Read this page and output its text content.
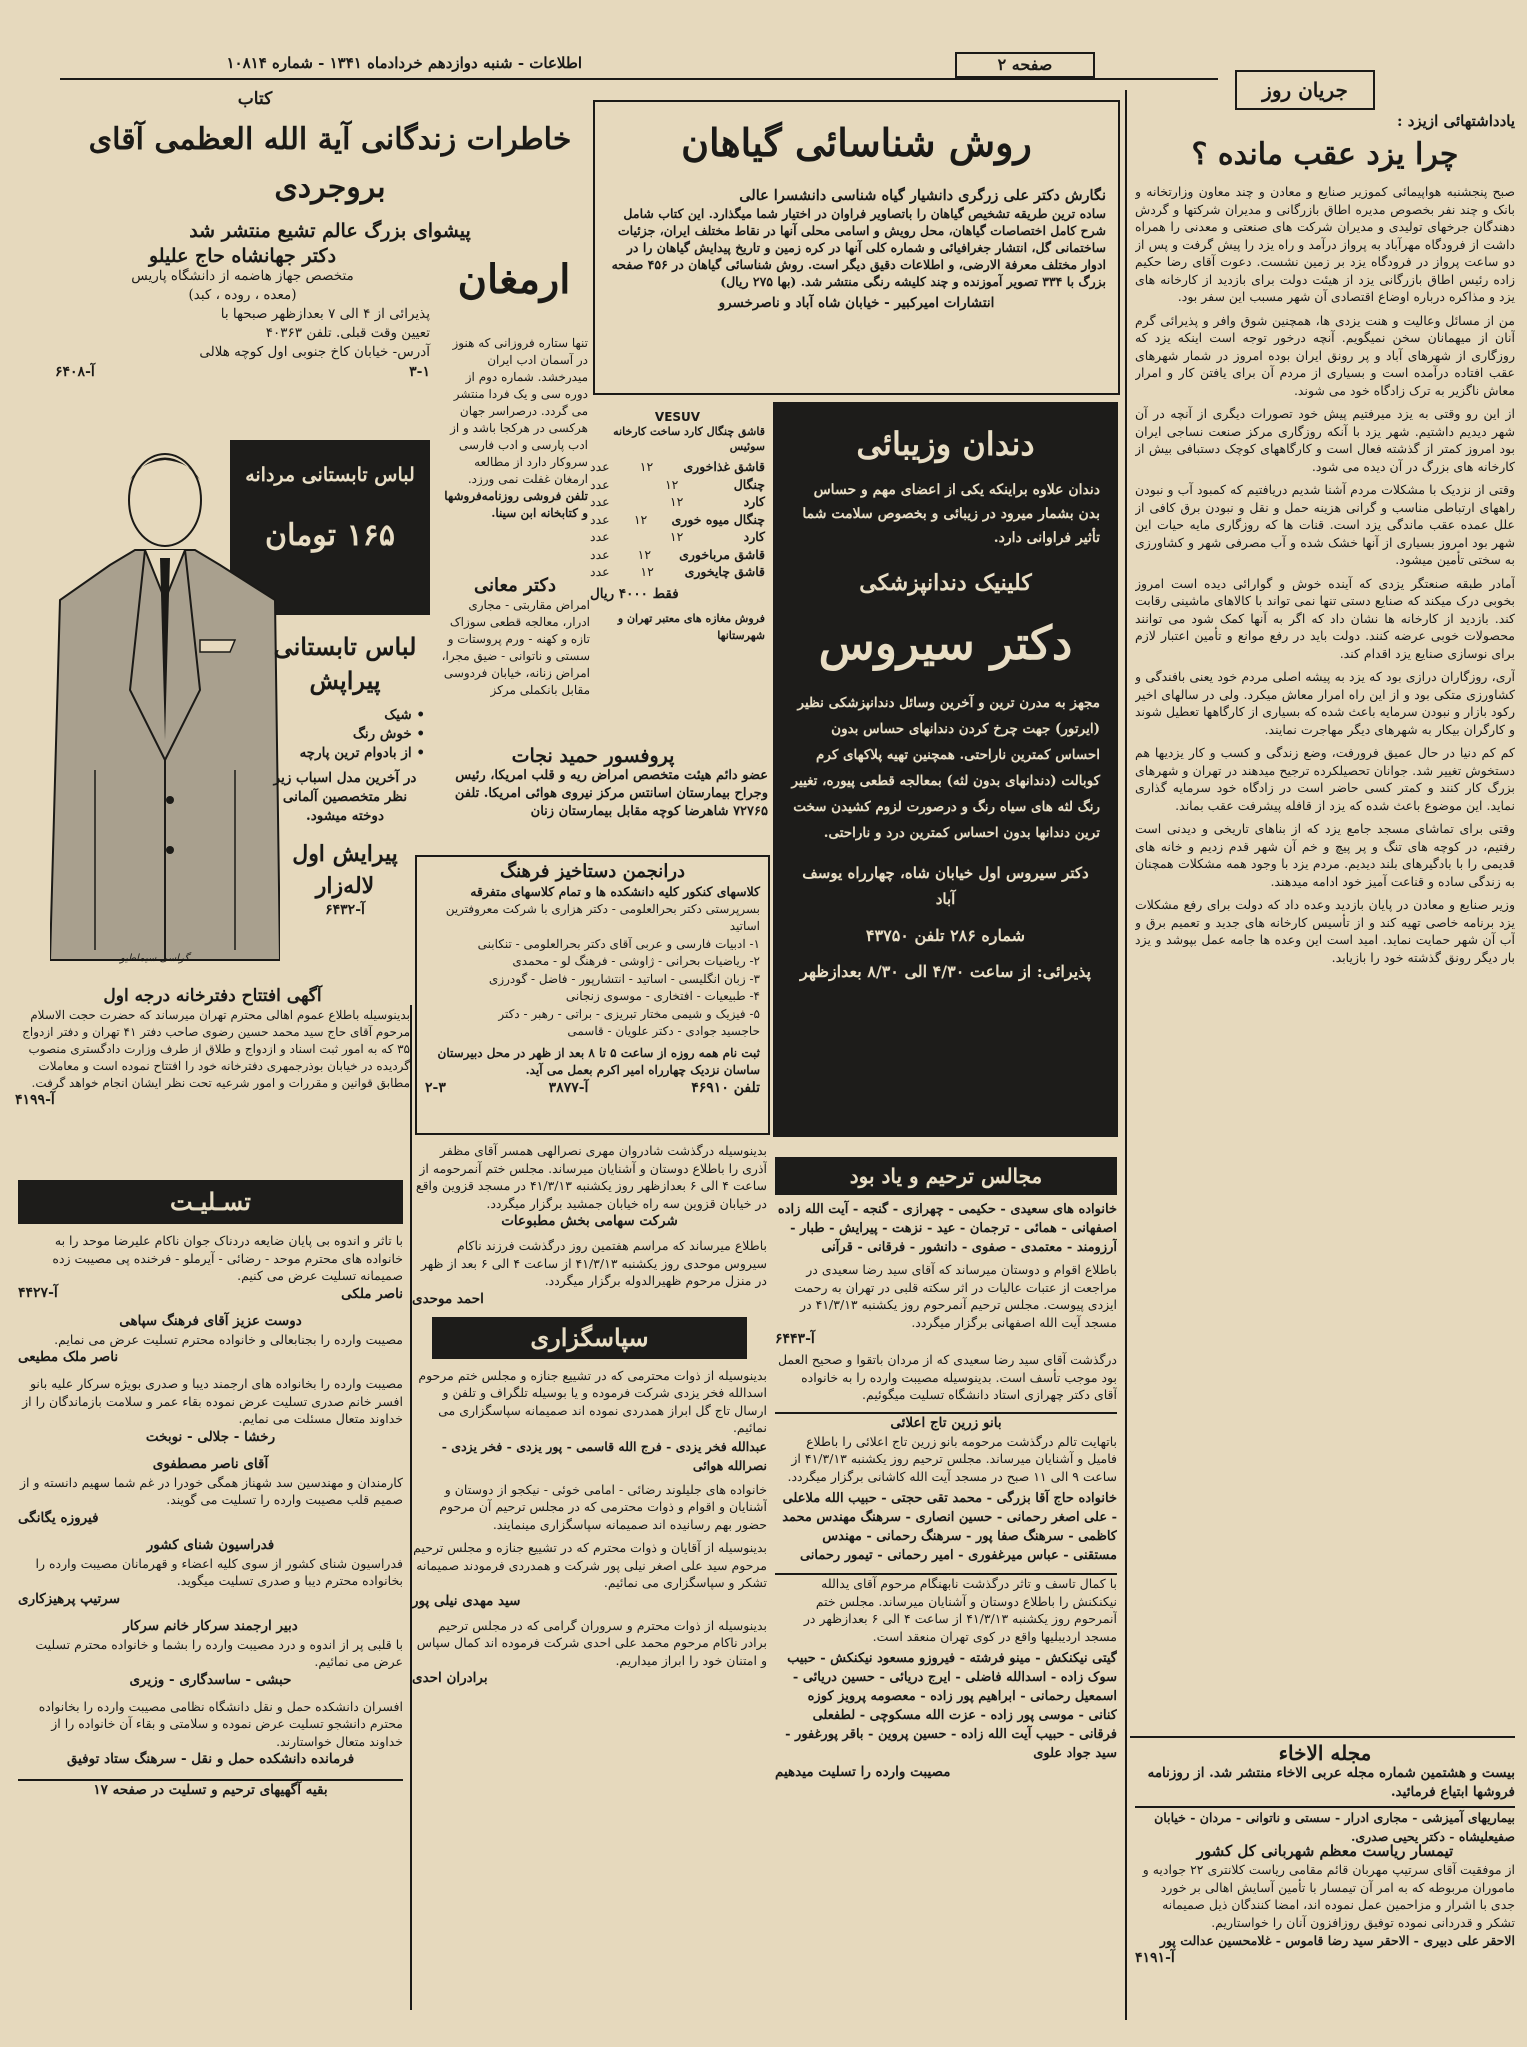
اطلاعات - شنبه دوازدهم خردادماه ۱۳۴۱ - شماره ۱۰۸۱۴	صفحه ۲
جریان روز
کتاب
خاطرات زندگانی آیة الله العظمی آقای بروجردی
پیشوای بزرگ عالم تشیع منتشر شد
دکتر جهانشاه حاج علیلو
متخصص جهاز هاضمه از دانشگاه پاریس
(معده ، روده ، کبد)
پذیرائی از ۴ الی ۷ بعدازظهر صبحها با
تعیین وقت قبلی. تلفن ۴۰۳۶۳
آدرس- خیابان کاخ جنوبی اول کوچه هلالی
آ-۶۴۰۸	۳-۱
ارمغان
تنها ستاره فروزانی که هنوز در آسمان ادب ایران میدرخشد. شماره دوم از دوره سی و یک فردا منتشر می گردد. درصراسر جهان هرکسی در هرکجا باشد و از ادب پارسی و ادب فارسی سروکار دارد از مطالعه ارمغان غفلت نمی ورزد.
تلفن فروشی روزنامه‌فروشها و کتابخانه ابن سینا.
لباس تابستانی مردانه
۱۶۵ تومان
لباس تابستانی پیراپش
• شیک
• خوش رنگ
• از بادوام ترین پارچه
در آخرین مدل اسباب زیر نظر متخصصین آلمانی دوخته میشود.
پیرایش اول لاله‌زار
آ-۶۴۳۲
گراسی سیماطیو
آگهی افتتاح دفترخانه درجه اول
بدینوسیله باطلاع عموم اهالی محترم تهران میرساند که حضرت حجت الاسلام مرحوم آقای حاج سید محمد حسین رضوی صاحب دفتر ۴۱ تهران و دفتر ازدواج ۳۵ که به امور ثبت اسناد و ازدواج و طلاق از طرف وزارت دادگستری منصوب گردیده در خیابان بوذرجمهری دفترخانه خود را افتتاح نموده است و معاملات مطابق قوانین و مقررات و امور شرعیه تحت نظر ایشان انجام خواهد گرفت.
آ-۴۱۹۹
تسـلیـت
با تاثر و اندوه بی پایان ضایعه دردناک جوان ناکام علیرضا موحد را به خانواده های محترم موحد - رضائی - آیرملو - فرخنده پی مصیبت زده صمیمانه تسلیت عرض می کنیم.
ناصر ملکی
آ-۴۴۲۷
دوست عزیز آقای فرهنگ سپاهی
مصیبت وارده را بجنابعالی و خانواده محترم تسلیت عرض می نمایم.
ناصر ملک مطیعی
مصیبت وارده را بخانواده های ارجمند دیبا و صدری بویژه سرکار علیه بانو افسر خانم صدری تسلیت عرض نموده بقاء عمر و سلامت بازماندگان را از خداوند متعال مسئلت می نمایم.
رخشا - جلالی - نوبخت
آقای ناصر مصطفوی
کارمندان و مهندسین سد شهناز همگی خودرا در غم شما سهیم دانسته و از صمیم قلب مصیبت وارده را تسلیت می گویند.
فیروزه یگانگی
فدراسیون شنای کشور
فدراسیون شنای کشور از سوی کلیه اعضاء و قهرمانان مصیبت وارده را بخانواده محترم دیبا و صدری تسلیت میگوید.
سرتیپ پرهیزکاری
دبیر ارجمند سرکار خانم سرکار
با قلبی پر از اندوه و درد مصیبت وارده را بشما و خانواده محترم تسلیت عرض می نمائیم.
حبشی - ساسدگاری - وزیری
افسران دانشکده حمل و نقل دانشگاه نظامی مصیبت وارده را بخانواده محترم دانشجو تسلیت عرض نموده و سلامتی و بقاء آن خانواده را از خداوند متعال خواستارند.
فرمانده دانشکده حمل و نقل - سرهنگ ستاد توفیق
بقیه آگهیهای ترحیم و تسلیت در صفحه ۱۷
روش شناسائی گیاهان
نگارش دکتر علی زرگری دانشیار گیاه شناسی دانشسرا عالی
ساده ترین طریقه تشخیص گیاهان را باتصاویر فراوان در اختیار شما میگذارد. این کتاب شامل شرح کامل اختصاصات گیاهان، محل رویش و اسامی محلی آنها در نقاط مختلف ایران، جزئیات ساختمانی گل، انتشار جغرافیائی و شماره کلی آنها در کره زمین و تاریخ پیدایش گیاهان را در ادوار مختلف معرفة الارضی، و اطلاعات دقیق دیگر است. روش شناسائی گیاهان در ۴۵۶ صفحه بزرگ با ۳۳۴ تصویر آموزنده و چند کلیشه رنگی منتشر شد. (بها ۲۷۵ ریال)
انتشارات امیرکبیر - خیابان شاه آباد و ناصرخسرو
VESUV
قاشق چنگال کارد ساخت کارخانه سوئیس
قاشق غذاخوری
۱۲
عدد
چنگال
۱۲
عدد
کارد
۱۲
عدد
چنگال میوه خوری
۱۲
عدد
کارد
۱۲
عدد
قاشق مرباخوری
۱۲
عدد
قاشق چایخوری
۱۲
عدد
فقط ۴۰۰۰ ریال
فروش مغازه های معتبر تهران و شهرستانها
دکتر معانی
امراض مقاربتی - مجاری ادرار، معالجه قطعی سوزاک تازه و کهنه - ورم پروستات و سستی و ناتوانی - ضیق مجرا، امراض زنانه، خیابان فردوسی مقابل بانکملی مرکز
پروفسور حمید نجات
عضو دائم هیئت متخصص امراض ریه و قلب امریکا، رئیس وجراح بیمارستان اسانتس مرکز نیروی هوائی امریکا. تلفن ۷۲۷۶۵ شاهرضا کوچه مقابل بیمارستان زنان
درانجمن دستاخیز فرهنگ
کلاسهای کنکور کلیه دانشکده ها و تمام کلاسهای متفرقه
بسرپرستی دکتر بحرالعلومی - دکتر هزاری با شرکت معروفترین اساتید
۱- ادبیات فارسی و عربی آقای دکتر بحرالعلومی - تنکابنی
۲- ریاضیات بحرانی - ژاوشی - فرهنگ لو - محمدی
۳- زبان انگلیسی - اساتید - انتشارپور - فاضل - گودرزی
۴- طبیعیات - افتخاری - موسوی زنجانی
۵- فیزیک و شیمی مختار تبریزی - براتی - رهبر - دکتر
حاجسید جوادی - دکتر علویان - قاسمی
ثبت نام همه روزه از ساعت ۵ تا ۸ بعد از ظهر در محل دبیرستان ساسان نزدیک چهارراه امیر اکرم بعمل می آید.
تلفن ۴۶۹۱۰
آ-۳۸۷۷
۲-۳
دندان وزیبائی
دندان علاوه براینکه یکی از اعضای مهم و حساس بدن بشمار میرود در زیبائی و بخصوص سلامت شما تأثیر فراوانی دارد.
کلینیک دندانپزشکی
دکتر سیروس
مجهز به مدرن ترین و آخرین وسائل دندانپزشکی نظیر (ایرتور) جهت چرخ کردن دندانهای حساس بدون احساس کمترین ناراحتی. همچنین تهیه پلاکهای کرم کوبالت (دندانهای بدون لثه) بمعالجه قطعی پیوره، تغییر رنگ لثه های سیاه رنگ و درصورت لزوم کشیدن سخت ترین دندانها بدون احساس کمترین درد و ناراحتی.
دکتر سیروس اول خیابان شاه، چهارراه یوسف آباد
شماره ۲۸۶ تلفن ۴۳۷۵۰
پذیرائی: از ساعت ۴/۳۰ الی ۸/۳۰ بعدازظهر
بدینوسیله درگذشت شادروان مهری نصرالهی همسر آقای مظفر آذری را باطلاع دوستان و آشنایان میرساند. مجلس ختم آنمرحومه از ساعت ۴ الی ۶ بعدازظهر روز یکشنبه ۴۱/۳/۱۳ در مسجد قزوین واقع در خیابان قزوین سه راه خیابان جمشید برگزار میگردد.
شرکت سهامی بخش مطبوعات
باطلاع میرساند که مراسم هفتمین روز درگذشت فرزند ناکام سیروس موحدی روز یکشنبه ۴۱/۳/۱۳ از ساعت ۴ الی ۶ بعد از ظهر در منزل مرحوم ظهیرالدوله برگزار میگردد.
احمد موحدی
سپاسگزاری
بدینوسیله از ذوات محترمی که در تشییع جنازه و مجلس ختم مرحوم اسدالله فخر یزدی شرکت فرموده و یا بوسیله تلگراف و تلفن و ارسال تاج گل ابراز همدردی نموده اند صمیمانه سپاسگزاری می نمائیم.
عبدالله فخر یزدی - فرج الله قاسمی - پور یزدی - فخر یزدی - نصرالله هوائی
خانواده های جلیلوند رضائی - امامی خوئی - نیکجو از دوستان و آشنایان و اقوام و ذوات محترمی که در مجلس ترحیم آن مرحوم حضور بهم رسانیده اند صمیمانه سپاسگزاری مینمایند.
بدینوسیله از آقایان و ذوات محترم که در تشییع جنازه و مجلس ترحیم مرحوم سید علی اصغر نیلی پور شرکت و همدردی فرمودند صمیمانه تشکر و سپاسگزاری می نمائیم.
سید مهدی نیلی پور
بدینوسیله از ذوات محترم و سروران گرامی که در مجلس ترحیم برادر ناکام مرحوم محمد علی احدی شرکت فرموده اند کمال سپاس و امتنان خود را ابراز میداریم.
برادران احدی
مجالس ترحیم و یاد بود
خانواده های سعیدی - حکیمی - چهرازی - گنجه - آیت الله زاده اصفهانی - همائی - ترجمان - عید - نزهت - پیرایش - طبار - آرزومند - معتمدی - صفوی - دانشور - فرقانی - قرآنی
باطلاع اقوام و دوستان میرساند که آقای سید رضا سعیدی در مراجعت از عتبات عالیات در اثر سکته قلبی در تهران به رحمت ایزدی پیوست. مجلس ترحیم آنمرحوم روز یکشنبه ۴۱/۳/۱۳ در مسجد آیت الله اصفهانی برگزار میگردد.
آ-۶۴۴۳
درگذشت آقای سید رضا سعیدی که از مردان باتقوا و صحیح العمل بود موجب تأسف است. بدینوسیله مصیبت وارده را به خانواده آقای دکتر چهرازی استاد دانشگاه تسلیت میگوئیم.
بانو زرین تاج اعلائی
باتهایت تالم درگذشت مرحومه بانو زرین تاج اعلائی را باطلاع فامیل و آشنایان میرساند. مجلس ترحیم روز یکشنبه ۴۱/۳/۱۳ از ساعت ۹ الی ۱۱ صبح در مسجد آیت الله کاشانی برگزار میگردد.
خانواده حاج آقا بزرگی - محمد تقی حجتی - حبیب الله ملاعلی - علی اصغر رحمانی - حسین انصاری - سرهنگ مهندس محمد کاظمی - سرهنگ صفا پور - سرهنگ رحمانی - مهندس مستقنی - عباس میرغفوری - امیر رحمانی - تیمور رحمانی
با کمال تاسف و تاثر درگذشت نابهنگام مرحوم آقای یدالله نیکنکنش را باطلاع دوستان و آشنایان میرساند. مجلس ختم آنمرحوم روز یکشنبه ۴۱/۳/۱۳ از ساعت ۴ الی ۶ بعدازظهر در مسجد اردیبلیها واقع در کوی تهران منعقد است.
گیتی نیکنکش - مینو فرشته - فیروزو مسعود نیکنکش - حبیب سوک زاده - اسدالله فاضلی - ایرج دریائی - حسین دریائی - اسمعیل رحمانی - ابراهیم پور زاده - معصومه پرویز کوزه کنانی - موسی پور زاده - عزت الله مسکوچی - لطفعلی فرقانی - حبیب آیت الله زاده - حسین پروین - باقر پورغفور - سید جواد علوی
مصیبت وارده را تسلیت میدهیم
یادداشتهائی ازیزد :
چرا یزد عقب مانده ؟

صبح پنجشنبه هواپیمائی کموزیر صنایع و معادن و چند معاون وزارتخانه و بانک و چند نفر بخصوص مدیره اطاق بازرگانی و مدیران شرکتها و گردش دهندگان جرخهای تولیدی و مدیران شرکت های صنعتی و معدنی را همراه داشت از فرودگاه مهرآباد به پرواز درآمد و راه یزد را پیش گرفت و پس از دو ساعت پرواز در فرودگاه یزد بر زمین نشست. دعوت آقای رضا حکیم زاده رئیس اطاق بازرگانی یزد از هیئت دولت برای بازدید از کارخانه های یزد و مذاکره درباره اوضاع اقتصادی آن شهر مسبب این سفر بود.

من از مسائل وعالیت و هنت یزدی ها، همچنین شوق وافر و پذیرائی گرم آنان از میهمانان سخن نمیگویم. آنچه درخور توجه است اینکه یزد که روزگاری از شهرهای آباد و پر رونق ایران بوده امروز در شمار شهرهای عقب افتاده درآمده است و بسیاری از مردم آن برای یافتن کار و امرار معاش ناگزیر به ترک زادگاه خود می شوند.

از این رو وقتی به یزد میرفتیم پیش خود تصورات دیگری از آنچه در آن شهر دیدیم داشتیم. شهر یزد با آنکه روزگاری مرکز صنعت نساجی ایران بود امروز کمتر از گذشته فعال است و کارگاههای کوچک دستبافی بیش از کارخانه های بزرگ در آن دیده می شود.

وقتی از نزدیک با مشکلات مردم آشنا شدیم دریافتیم که کمبود آب و نبودن راههای ارتباطی مناسب و گرانی هزینه حمل و نقل و نبودن برق کافی از علل عمده عقب ماندگی یزد است. قنات ها که روزگاری مایه حیات این شهر بود امروز بسیاری از آنها خشک شده و آب مصرفی شهر و کشاورزی به سختی تأمین میشود.

آمادر طبقه صنعتگر یزدی که آینده خوش و گوارائی دیده است امروز بخوبی درک میکند که صنایع دستی تنها نمی تواند با کالاهای ماشینی رقابت کند. بازدید از کارخانه ها نشان داد که اگر به آنها کمک شود می توانند محصولات خوبی عرضه کنند. دولت باید در رفع موانع و تأمین اعتبار لازم برای نوسازی صنایع یزد اقدام کند.

آری، روزگاران درازی بود که یزد به پیشه اصلی مردم خود یعنی بافندگی و کشاورزی متکی بود و از این راه امرار معاش میکرد. ولی در سالهای اخیر رکود بازار و نبودن سرمایه باعث شده که بسیاری از کارگاهها تعطیل شوند و کارگران بیکار به شهرهای دیگر مهاجرت نمایند.

کم کم دنیا در حال عمیق فرورفت، وضع زندگی و کسب و کار یزدیها هم دستخوش تغییر شد. جوانان تحصیلکرده ترجیح میدهند در تهران و شهرهای بزرگ کار کنند و کمتر کسی حاضر است در زادگاه خود سرمایه گذاری نماید. این موضوع باعث شده که یزد از قافله پیشرفت عقب بماند.

وقتی برای تماشای مسجد جامع یزد که از بناهای تاریخی و دیدنی است رفتیم، در کوچه های تنگ و پر پیچ و خم آن شهر قدم زدیم و خانه های قدیمی را با بادگیرهای بلند دیدیم. مردم یزد با وجود همه مشکلات همچنان به زندگی ساده و قناعت آمیز خود ادامه میدهند.

وزیر صنایع و معادن در پایان بازدید وعده داد که دولت برای رفع مشکلات یزد برنامه خاصی تهیه کند و از تأسیس کارخانه های جدید و تعمیم برق و آب آن شهر حمایت نماید. امید است این وعده ها جامه عمل بپوشد و یزد بار دیگر رونق گذشته خود را بازیابد.

مجله الاخاء
بیست و هشتمین شماره مجله عربی الاخاء منتشر شد. از روزنامه فروشها ابتیاع فرمائید.
بیماریهای آمیزشی - مجاری ادرار - سستی و ناتوانی - مردان - خیابان صفیعلیشاه - دکتر یحیی صدری.
تیمسار ریاست معظم شهربانی کل کشور
از موفقیت آقای سرتیپ مهربان قائم مقامی ریاست کلانتری ۲۲ جوادیه و ماموران مربوطه که به امر آن تیمسار با تأمین آسایش اهالی بر خورد جدی با اشرار و مزاحمین عمل نموده اند، امضا کنندگان ذیل صمیمانه تشکر و قدردانی نموده توفیق روزافزون آنان را خواستاریم.
الاحقر علی دبیری - الاحقر سید رضا قاموس - غلامحسین عدالت پور
آ-۴۱۹۱
